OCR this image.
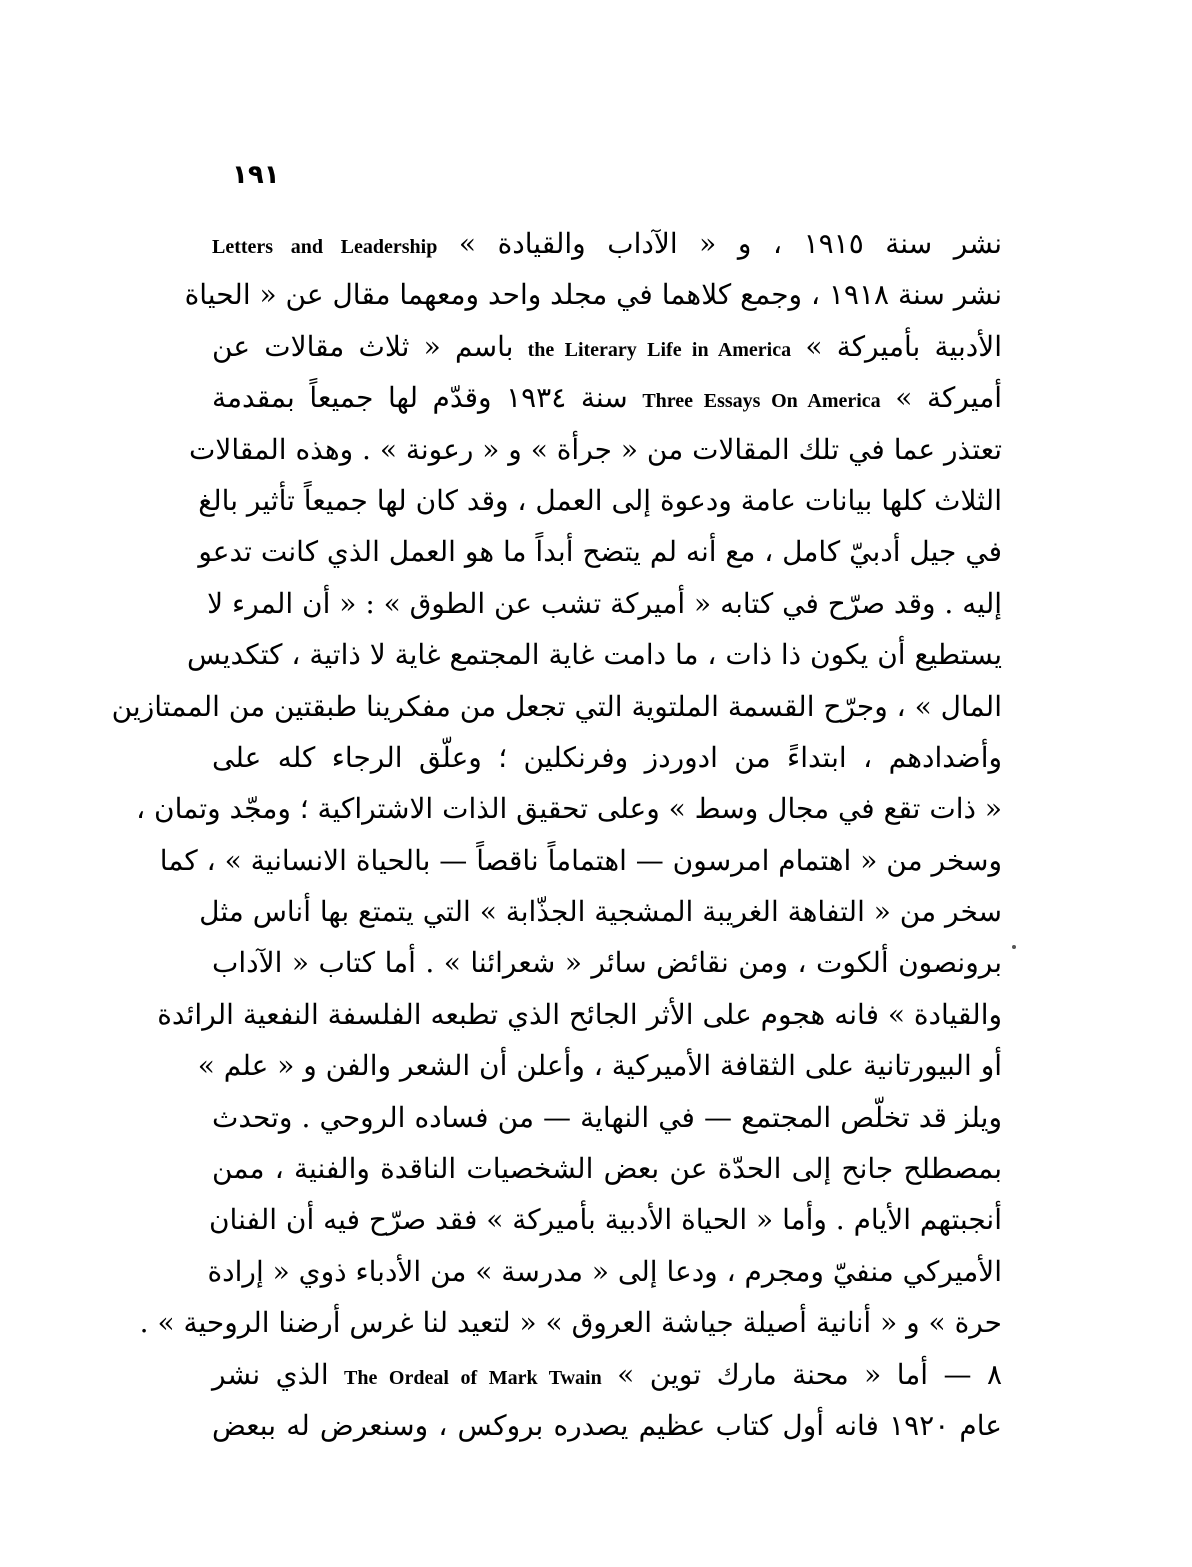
١٩١
نشر سنة ١٩١٥ ، و « الآداب والقيادة » Letters and Leadership
نشر سنة ١٩١٨ ، وجمع كلاهما في مجلد واحد ومعهما مقال عن « الحياة
الأدبية بأميركة » the Literary Life in America باسم « ثلاث مقالات عن
أميركة » Three Essays On America سنة ١٩٣٤ وقدّم لها جميعاً بمقدمة
تعتذر عما في تلك المقالات من « جرأة » و « رعونة » . وهذه المقالات
الثلاث كلها بيانات عامة ودعوة إلى العمل ، وقد كان لها جميعاً تأثير بالغ
في جيل أدبيّ كامل ، مع أنه لم يتضح أبداً ما هو العمل الذي كانت تدعو
إليه . وقد صرّح في كتابه « أميركة تشب عن الطوق » : « أن المرء لا
يستطيع أن يكون ذا ذات ، ما دامت غاية المجتمع غاية لا ذاتية ، كتكديس
المال » ، وجرّح القسمة الملتوية التي تجعل من مفكرينا طبقتين من الممتازين
وأضدادهم ، ابتداءً من ادوردز وفرنكلين ؛ وعلّق الرجاء كله على
« ذات تقع في مجال وسط » وعلى تحقيق الذات الاشتراكية ؛ ومجّد وتمان ،
وسخر من « اهتمام امرسون — اهتماماً ناقصاً — بالحياة الانسانية » ، كما
سخر من « التفاهة الغريبة المشجية الجذّابة » التي يتمتع بها أناس مثل
برونصون ألكوت ، ومن نقائض سائر « شعرائنا » . أما كتاب « الآداب
والقيادة » فانه هجوم على الأثر الجائح الذي تطبعه الفلسفة النفعية الرائدة
أو البيورتانية على الثقافة الأميركية ، وأعلن أن الشعر والفن و « علم »
ويلز قد تخلّص المجتمع — في النهاية — من فساده الروحي . وتحدث
بمصطلح جانح إلى الحدّة عن بعض الشخصيات الناقدة والفنية ، ممن
أنجبتهم الأيام . وأما « الحياة الأدبية بأميركة » فقد صرّح فيه أن الفنان
الأميركي منفيّ ومجرم ، ودعا إلى « مدرسة » من الأدباء ذوي « إرادة
حرة » و « أنانية أصيلة جياشة العروق » « لتعيد لنا غرس أرضنا الروحية » .
٨ — أما « محنة مارك توين » The Ordeal of Mark Twain الذي نشر
عام ١٩٢٠ فانه أول كتاب عظيم يصدره بروكس ، وسنعرض له ببعض
